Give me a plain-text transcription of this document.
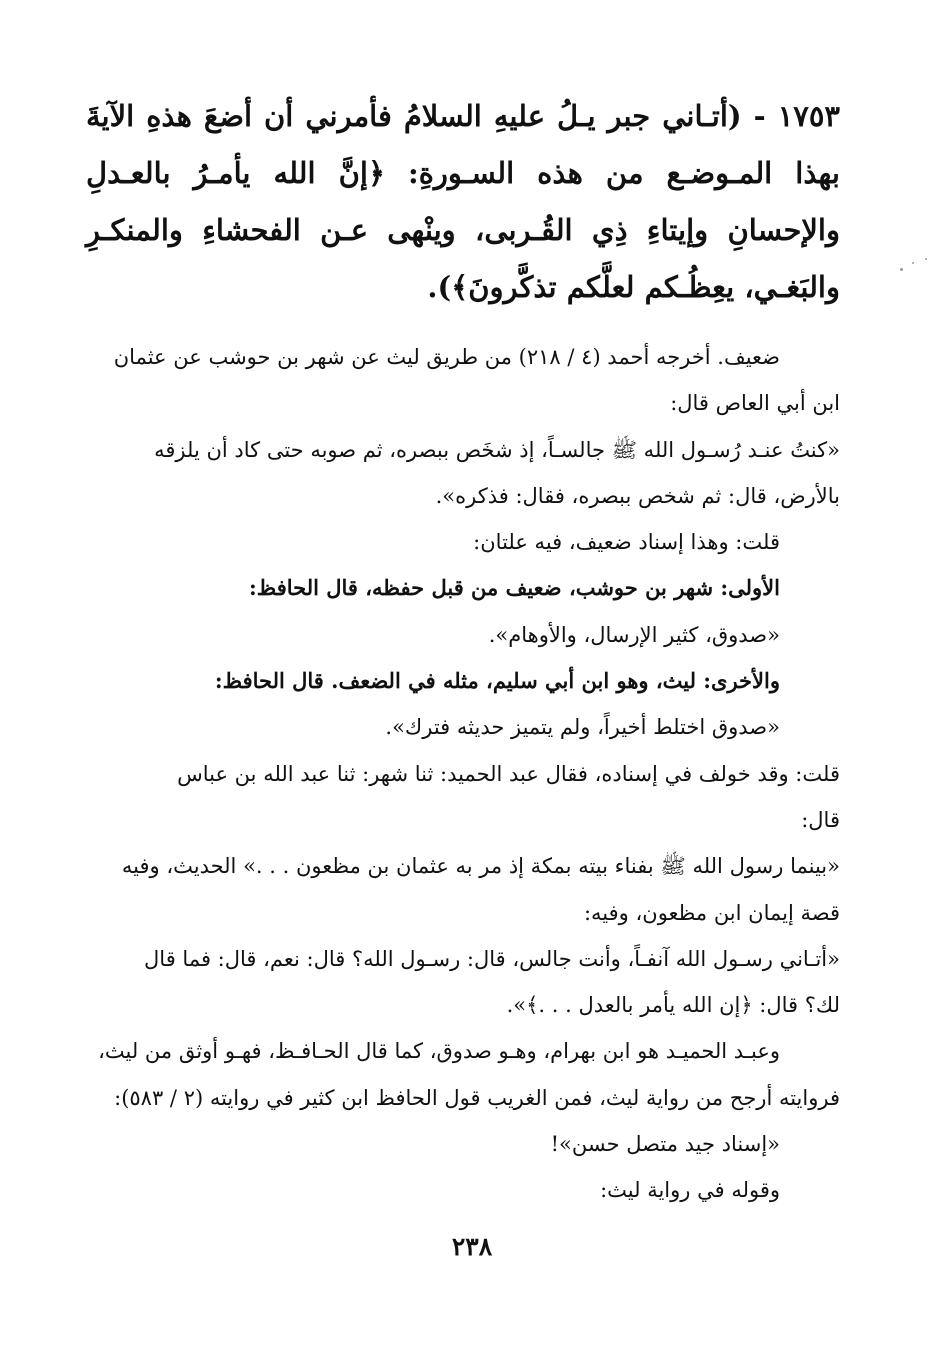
١٧٥٣ - (أتـاني جبر يـلُ عليهِ السلامُ فأمرني أن أضعَ هذهِ الآيةَ بهذا المـوضـع من هذه السـورةِ: ﴿إنَّ الله يأمـرُ بالعـدلِ والإحسانِ وإيتاءِ ذِي القُـربى، وينْهى عـن الفحشاءِ والمنكـرِ والبَغـي، يعِظُـكم لعلَّكم تذكَّرونَ﴾).

ضعيف. أخرجه أحمد (٤ / ٢١٨) من طريق ليث عن شهر بن حوشب عن عثمان

ابن أبي العاص قال:

«كنتُ عنـد رُسـول الله ﷺ جالسـاً، إذ شخَص ببصره، ثم صوبه حتى كاد أن يلزقه

بالأرض، قال: ثم شخص ببصره، فقال: فذكره».

قلت: وهذا إسناد ضعيف، فيه علتان:

الأولى: شهر بن حوشب، ضعيف من قبل حفظه، قال الحافظ:

«صدوق، كثير الإرسال، والأوهام».

والأخرى: ليث، وهو ابن أبي سليم، مثله في الضعف. قال الحافظ:

«صدوق اختلط أخيراً، ولم يتميز حديثه فترك».

قلت: وقد خولف في إسناده، فقال عبد الحميد: ثنا شهر: ثنا عبد الله بن عباس

قال:

«بينما رسول الله ﷺ بفناء بيته بمكة إذ مر به عثمان بن مظعون . . .» الحديث، وفيه

قصة إيمان ابن مظعون، وفيه:

«أتـاني رسـول الله آنفـاً، وأنت جالس، قال: رسـول الله؟ قال: نعم، قال: فما قال

لك؟ قال: ﴿إن الله يأمر بالعدل . . .﴾».

وعبـد الحميـد هو ابن بهرام، وهـو صدوق، كما قال الحـافـظ، فهـو أوثق من ليث،

فروايته أرجح من رواية ليث، فمن الغريب قول الحافظ ابن كثير في روايته (٢ / ٥٨٣):

«إسناد جيد متصل حسن»!

وقوله في رواية ليث:

٢٣٨
